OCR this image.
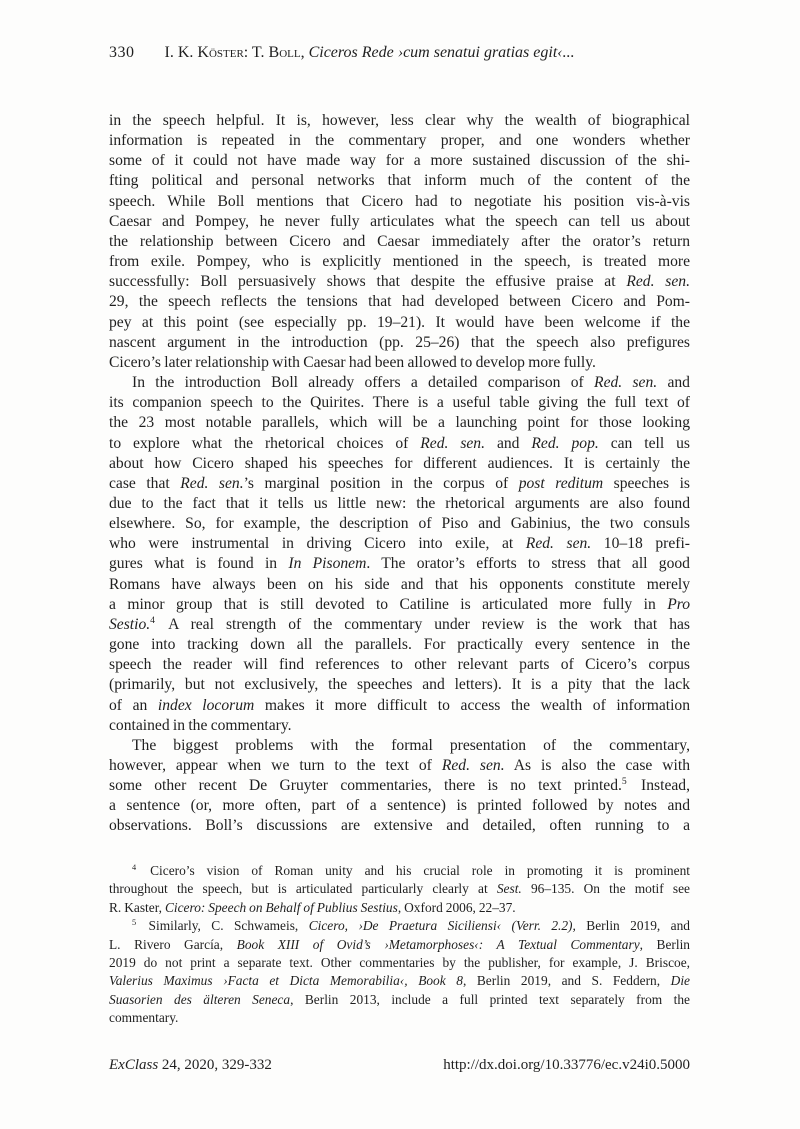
330 I. K. Köster: T. Boll, Ciceros Rede ›cum senatui gratias egit‹...
in the speech helpful. It is, however, less clear why the wealth of biographical
information is repeated in the commentary proper, and one wonders whether
some of it could not have made way for a more sustained discussion of the shi-
fting political and personal networks that inform much of the content of the
speech. While Boll mentions that Cicero had to negotiate his position vis-à-vis
Caesar and Pompey, he never fully articulates what the speech can tell us about
the relationship between Cicero and Caesar immediately after the orator’s return
from exile. Pompey, who is explicitly mentioned in the speech, is treated more
successfully: Boll persuasively shows that despite the effusive praise at Red. sen.
29, the speech reflects the tensions that had developed between Cicero and Pom-
pey at this point (see especially pp. 19–21). It would have been welcome if the
nascent argument in the introduction (pp. 25–26) that the speech also prefigures
Cicero’s later relationship with Caesar had been allowed to develop more fully.
In the introduction Boll already offers a detailed comparison of Red. sen. and
its companion speech to the Quirites. There is a useful table giving the full text of
the 23 most notable parallels, which will be a launching point for those looking
to explore what the rhetorical choices of Red. sen. and Red. pop. can tell us
about how Cicero shaped his speeches for different audiences. It is certainly the
case that Red. sen.’s marginal position in the corpus of post reditum speeches is
due to the fact that it tells us little new: the rhetorical arguments are also found
elsewhere. So, for example, the description of Piso and Gabinius, the two consuls
who were instrumental in driving Cicero into exile, at Red. sen. 10–18 prefi-
gures what is found in In Pisonem. The orator’s efforts to stress that all good
Romans have always been on his side and that his opponents constitute merely
a minor group that is still devoted to Catiline is articulated more fully in Pro
Sestio.$^4$ A real strength of the commentary under review is the work that has
gone into tracking down all the parallels. For practically every sentence in the
speech the reader will find references to other relevant parts of Cicero’s corpus
(primarily, but not exclusively, the speeches and letters). It is a pity that the lack
of an index locorum makes it more difficult to access the wealth of information
contained in the commentary.
The biggest problems with the formal presentation of the commentary,
however, appear when we turn to the text of Red. sen. As is also the case with
some other recent De Gruyter commentaries, there is no text printed.$^5$ Instead,
a sentence (or, more often, part of a sentence) is printed followed by notes and
observations. Boll’s discussions are extensive and detailed, often running to a
$^4$ Cicero’s vision of Roman unity and his crucial role in promoting it is prominent
throughout the speech, but is articulated particularly clearly at Sest. 96–135. On the motif see
R. Kaster, Cicero: Speech on Behalf of Publius Sestius, Oxford 2006, 22–37.
$^5$ Similarly, C. Schwameis, Cicero, ›De Praetura Siciliensi‹ (Verr. 2.2), Berlin 2019, and
L. Rivero García, Book XIII of Ovid’s ›Metamorphoses‹: A Textual Commentary, Berlin
2019 do not print a separate text. Other commentaries by the publisher, for example, J. Briscoe,
Valerius Maximus ›Facta et Dicta Memorabilia‹, Book 8, Berlin 2019, and S. Feddern, Die
Suasorien des älteren Seneca, Berlin 2013, include a full printed text separately from the
commentary.
ExClass 24, 2020, 329-332	http://dx.doi.org/10.33776/ec.v24i0.5000
